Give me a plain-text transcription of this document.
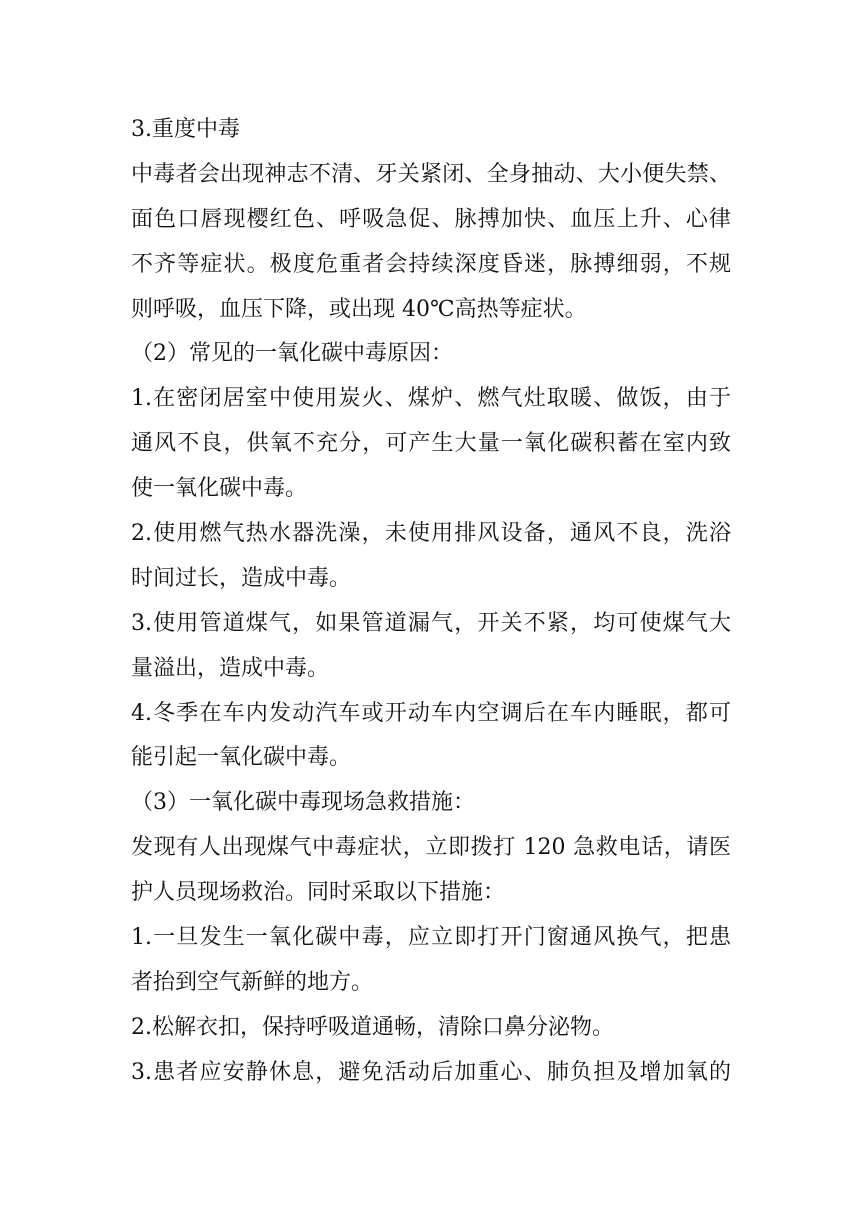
3.重度中毒
中毒者会出现神志不清、牙关紧闭、全身抽动、大小便失禁、
面色口唇现樱红色、呼吸急促、脉搏加快、血压上升、心律
不齐等症状。极度危重者会持续深度昏迷，脉搏细弱，不规
则呼吸，血压下降，或出现 40℃高热等症状。
（2）常见的一氧化碳中毒原因：
1.在密闭居室中使用炭火、煤炉、燃气灶取暖、做饭，由于
通风不良，供氧不充分，可产生大量一氧化碳积蓄在室内致
使一氧化碳中毒。
2.使用燃气热水器洗澡，未使用排风设备，通风不良，洗浴
时间过长，造成中毒。
3.使用管道煤气，如果管道漏气，开关不紧，均可使煤气大
量溢出，造成中毒。
4.冬季在车内发动汽车或开动车内空调后在车内睡眠，都可
能引起一氧化碳中毒。
（3）一氧化碳中毒现场急救措施：
发现有人出现煤气中毒症状，立即拨打 120 急救电话，请医
护人员现场救治。同时采取以下措施：
1.一旦发生一氧化碳中毒，应立即打开门窗通风换气，把患
者抬到空气新鲜的地方。
2.松解衣扣，保持呼吸道通畅，清除口鼻分泌物。
3.患者应安静休息，避免活动后加重心、肺负担及增加氧的
